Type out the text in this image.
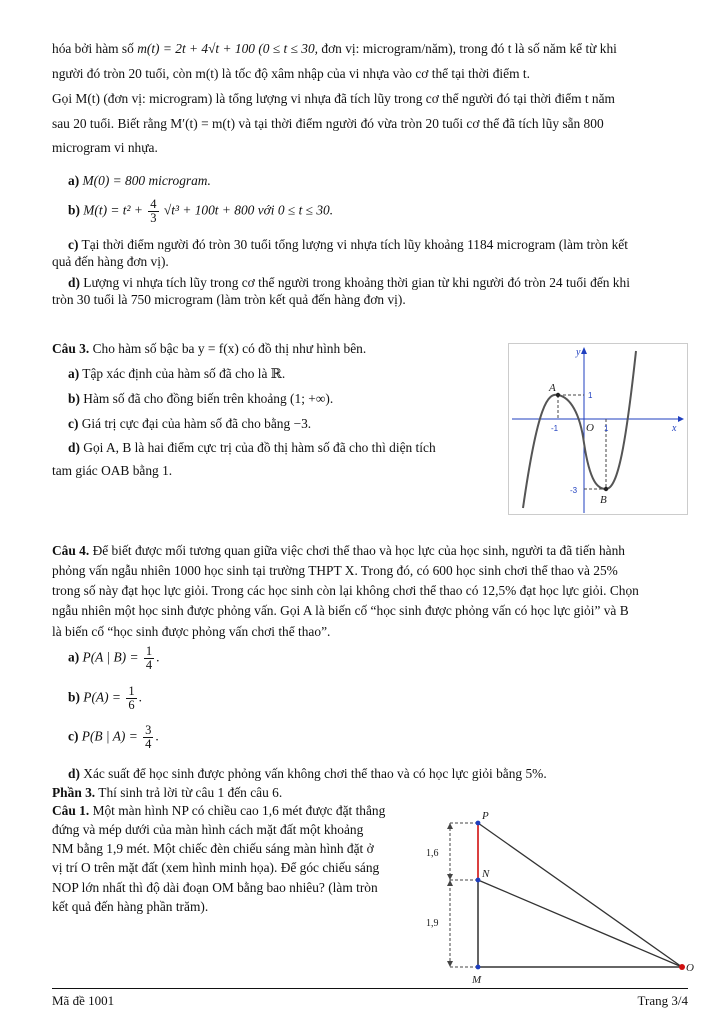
hóa bởi hàm số m(t) = 2t + 4√t + 100 (0 ≤ t ≤ 30, đơn vị: microgram/năm), trong đó t là số năm kể từ khi
người đó tròn 20 tuổi, còn m(t) là tốc độ xâm nhập của vi nhựa vào cơ thể tại thời điểm t.
Gọi M(t) (đơn vị: microgram) là tổng lượng vi nhựa đã tích lũy trong cơ thể người đó tại thời điểm t năm
sau 20 tuổi. Biết rằng M′(t) = m(t) và tại thời điểm người đó vừa tròn 20 tuổi cơ thể đã tích lũy sẵn 800
microgram vi nhựa.
a) M(0) = 800 microgram.
b) $M(t) = t^2 + \frac{4}{3} √t^3 + 100t + 800$ với 0 ≤ t ≤ 30.
c) Tại thời điểm người đó tròn 30 tuổi tổng lượng vi nhựa tích lũy khoảng 1184 microgram (làm tròn kết
quả đến hàng đơn vị).
d) Lượng vi nhựa tích lũy trong cơ thể người trong khoảng thời gian từ khi người đó tròn 24 tuổi đến khi
tròn 30 tuổi là 750 microgram (làm tròn kết quả đến hàng đơn vị).
Câu 3. Cho hàm số bậc ba y = f(x) có đồ thị như hình bên.
a) Tập xác định của hàm số đã cho là ℝ.
b) Hàm số đã cho đồng biến trên khoảng (1; +∞).
c) Giá trị cực đại của hàm số đã cho bằng −3.
d) Gọi A, B là hai điểm cực trị của đồ thị hàm số đã cho thì diện tích
tam giác OAB bằng 1.
y
x
O
A
B
-1	1
1
-3
Câu 4. Để biết được mối tương quan giữa việc chơi thể thao và học lực của học sinh, người ta đã tiến hành
phỏng vấn ngẫu nhiên 1000 học sinh tại trường THPT X. Trong đó, có 600 học sinh chơi thể thao và 25%
trong số này đạt học lực giỏi. Trong các học sinh còn lại không chơi thể thao có 12,5% đạt học lực giỏi. Chọn
ngẫu nhiên một học sinh được phỏng vấn. Gọi A là biến cố “học sinh được phỏng vấn có học lực giỏi” và B
là biến cố “học sinh được phỏng vấn chơi thể thao”.
a) P(A | $B) = \frac{1}{4}$ .
b) $P(A) = \frac{1}{6}$ .
c) P(B | $A) = \frac{3}{4}$ .
d) Xác suất để học sinh được phỏng vấn không chơi thể thao và có học lực giỏi bằng 5%.
Phần 3. Thí sinh trả lời từ câu 1 đến câu 6.
Câu 1. Một màn hình NP có chiều cao 1,6 mét được đặt thẳng
đứng và mép dưới của màn hình cách mặt đất một khoảng
NM bằng 1,9 mét. Một chiếc đèn chiếu sáng màn hình đặt ở
vị trí O trên mặt đất (xem hình minh họa). Để góc chiếu sáng
NOP lớn nhất thì độ dài đoạn OM bằng bao nhiêu? (làm tròn
kết quả đến hàng phần trăm).
P
N
M
O
1,6
1,9
Mã đề 1001	Trang 3/4
